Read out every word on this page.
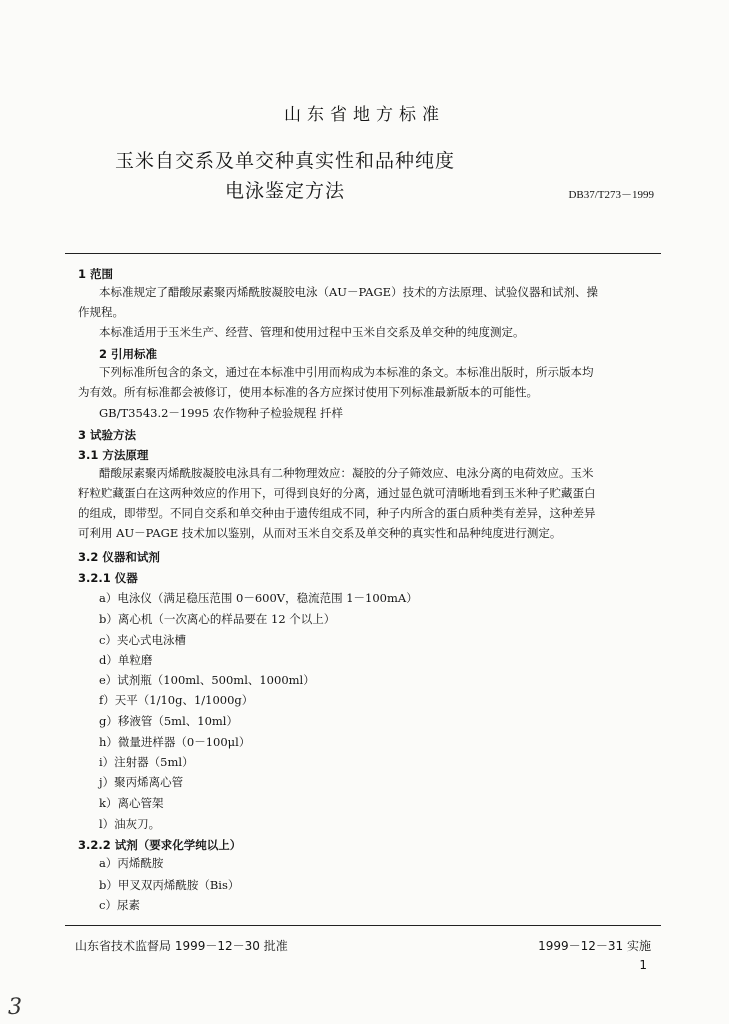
山东省地方标准
玉米自交系及单交种真实性和品种纯度
电泳鉴定方法	DB37/T273－1999
1 范围
本标准规定了醋酸尿素聚丙烯酰胺凝胶电泳（AU－PAGE）技术的方法原理、试验仪器和试剂、操
作规程。
本标准适用于玉米生产、经营、管理和使用过程中玉米自交系及单交种的纯度测定。
2 引用标准
下列标准所包含的条文，通过在本标准中引用而构成为本标准的条文。本标准出版时，所示版本均
为有效。所有标准都会被修订，使用本标准的各方应探讨使用下列标准最新版本的可能性。
GB/T3543.2－1995 农作物种子检验规程 扦样
3 试验方法
3.1 方法原理
醋酸尿素聚丙烯酰胺凝胶电泳具有二种物理效应：凝胶的分子筛效应、电泳分离的电荷效应。玉米
籽粒贮藏蛋白在这两种效应的作用下，可得到良好的分离，通过显色就可清晰地看到玉米种子贮藏蛋白
的组成，即带型。不同自交系和单交种由于遗传组成不同，种子内所含的蛋白质种类有差异，这种差异
可利用 AU－PAGE 技术加以鉴别，从而对玉米自交系及单交种的真实性和品种纯度进行测定。
3.2 仪器和试剂
3.2.1 仪器
a）电泳仪（满足稳压范围 0－600V，稳流范围 1－100mA）
b）离心机（一次离心的样品要在 12 个以上）
c）夹心式电泳槽
d）单粒磨
e）试剂瓶（100ml、500ml、1000ml）
f）天平（1/10g、1/1000g）
g）移液管（5ml、10ml）
h）微量进样器（0－100μl）
i）注射器（5ml）
j）聚丙烯离心管
k）离心管架
l）油灰刀。
3.2.2 试剂（要求化学纯以上）
a）丙烯酰胺
b）甲叉双丙烯酰胺（Bis）
c）尿素
山东省技术监督局 1999－12－30 批准	1999－12－31 实施
1
3
